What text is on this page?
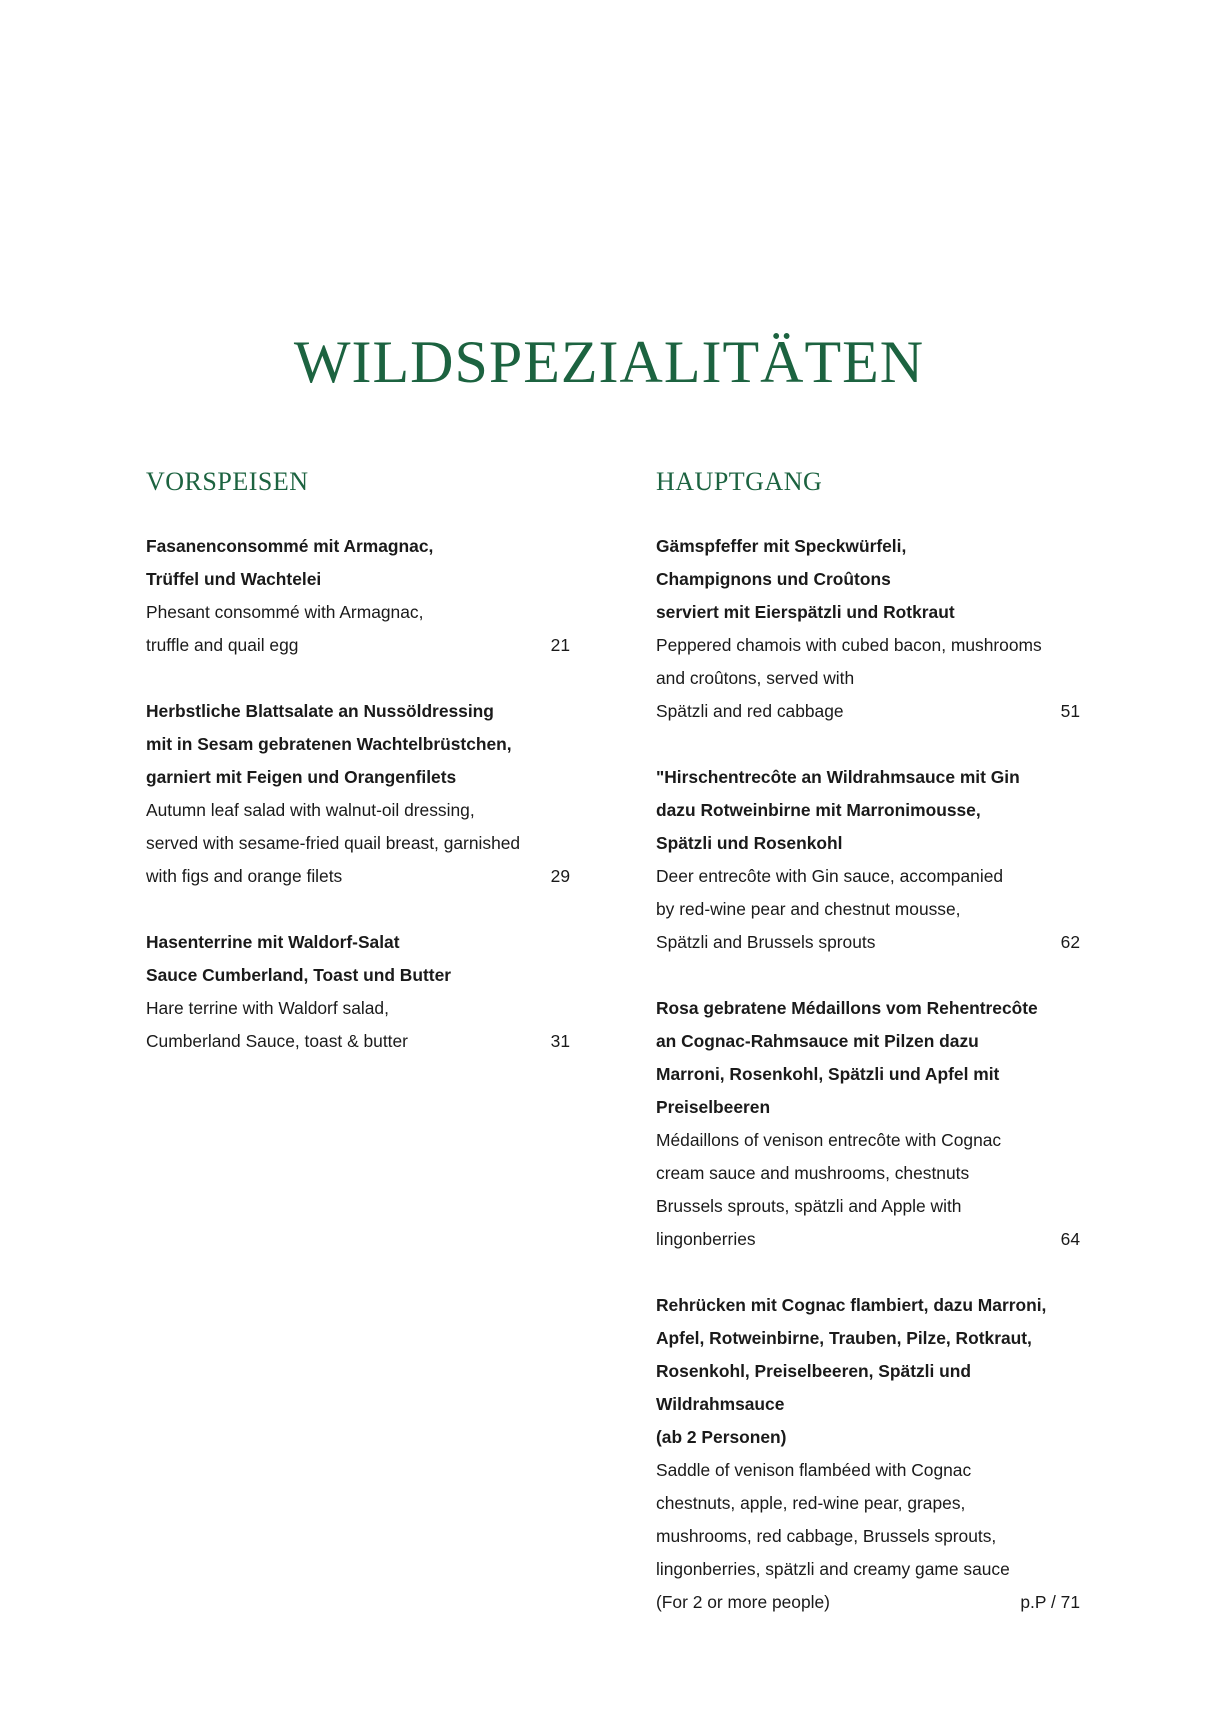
WILDSPEZIALITÄTEN
VORSPEISEN
Fasanenconsommé mit Armagnac,
Trüffel und Wachtelei
Phesant consommé with Armagnac,
truffle and quail egg	21
Herbstliche Blattsalate an Nussöldressing
mit in Sesam gebratenen Wachtelbrüstchen,
garniert mit Feigen und Orangenfilets
Autumn leaf salad with walnut-oil dressing,
served with sesame-fried quail breast, garnished
with figs and orange filets	29
Hasenterrine mit Waldorf-Salat
Sauce Cumberland, Toast und Butter
Hare terrine with Waldorf salad,
Cumberland Sauce, toast & butter	31
HAUPTGANG
Gämspfeffer mit Speckwürfeli,
Champignons und Croûtons
serviert mit Eierspätzli und Rotkraut
Peppered chamois with cubed bacon, mushrooms
and croûtons, served with
Spätzli and red cabbage	51
"Hirschentrecôte an Wildrahmsauce mit Gin
dazu Rotweinbirne mit Marronimousse,
Spätzli und Rosenkohl
Deer entrecôte with Gin sauce, accompanied
by red-wine pear and chestnut mousse,
Spätzli and Brussels sprouts	62
Rosa gebratene Médaillons vom Rehentrecôte
an Cognac-Rahmsauce mit Pilzen dazu
Marroni, Rosenkohl, Spätzli und Apfel mit
Preiselbeeren
Médaillons of venison entrecôte with Cognac
cream sauce and mushrooms, chestnuts
Brussels sprouts, spätzli and Apple with
lingonberries	64
Rehrücken mit Cognac flambiert, dazu Marroni,
Apfel, Rotweinbirne, Trauben, Pilze, Rotkraut,
Rosenkohl, Preiselbeeren, Spätzli und
Wildrahmsauce
(ab 2 Personen)
Saddle of venison flambéed with Cognac
chestnuts, apple, red-wine pear, grapes,
mushrooms, red cabbage, Brussels sprouts,
lingonberries, spätzli and creamy game sauce
(For 2 or more people)	p.P / 71
